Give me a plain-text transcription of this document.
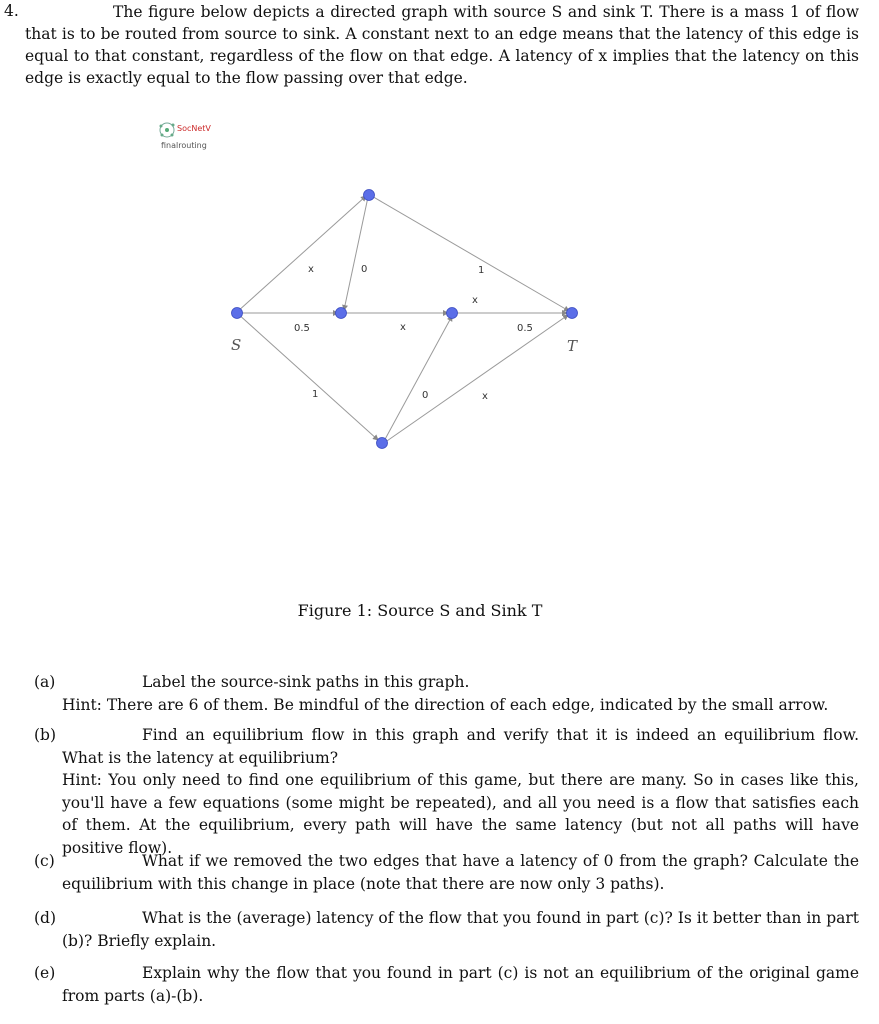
4.	The figure below depicts a directed graph with source S and sink T. There is a mass 1 of flow that is to be routed from source to sink. A constant next to an edge means that the latency of this edge is equal to that constant, regardless of the flow on that edge. A latency of x implies that the latency on this edge is exactly equal to the flow passing over that edge.
SocNetV
finalrouting
x	0	1
0.5	x
x
0.5
1	0	x
S	T
Figure 1: Source S and Sink T
(a)	Label the source-sink paths in this graph.

Hint: There are 6 of them. Be mindful of the direction of each edge, indicated by the small arrow.

(b)	Find an equilibrium flow in this graph and verify that it is indeed an equilibrium flow. What is the latency at equilibrium?

Hint: You only need to find one equilibrium of this game, but there are many. So in cases like this, you'll have a few equations (some might be repeated), and all you need is a flow that satisfies each of them. At the equilibrium, every path will have the same latency (but not all paths will have positive flow).

(c)	What if we removed the two edges that have a latency of 0 from the graph? Calculate the equilibrium with this change in place (note that there are now only 3 paths).

(d)	What is the (average) latency of the flow that you found in part (c)? Is it better than in part (b)? Briefly explain.

(e)	Explain why the flow that you found in part (c) is not an equilibrium of the original game from parts (a)-(b).
